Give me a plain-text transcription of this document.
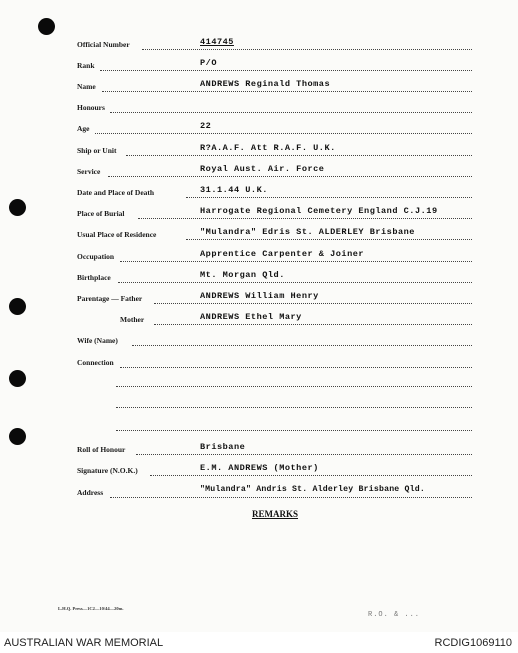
Official Number	414745
Rank	P/O
Name	ANDREWS Reginald Thomas
Honours
Age	22
Ship or Unit	R?A.A.F. Att R.A.F. U.K.
Service	Royal Aust. Air. Force
Date and Place of Death	31.1.44 U.K.
Place of Burial	Harrogate Regional Cemetery England C.J.19
Usual Place of Residence	"Mulandra" Edris St. ALDERLEY Brisbane
Occupation	Apprentice Carpenter & Joiner
Birthplace	Mt. Morgan Qld.
Parentage — Father	ANDREWS William Henry
Mother	ANDREWS Ethel Mary
Wife (Name)
Connection
Roll of Honour	Brisbane
Signature (N.O.K.)	E.M. ANDREWS (Mother)
Address	"Mulandra" Andris St. Alderley Brisbane Qld.
REMARKS
L.H.Q. Press—1C2—10/44—20m.
R.O. & ...
AUSTRALIAN WAR MEMORIAL	RCDIG1069110
